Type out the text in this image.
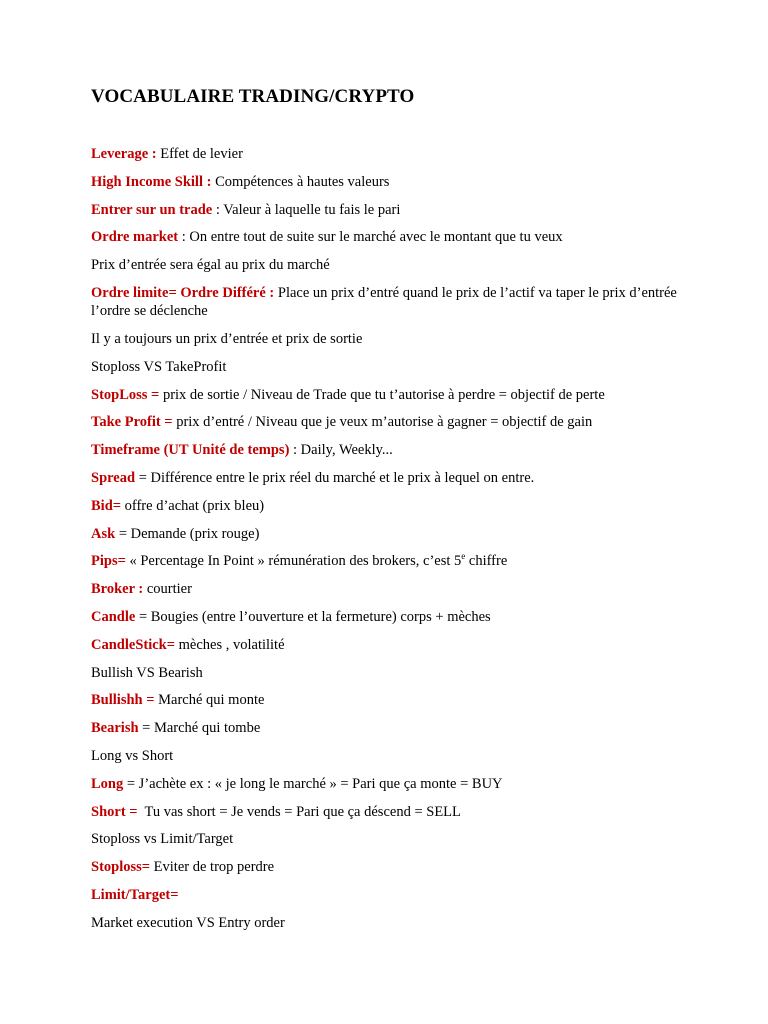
VOCABULAIRE TRADING/CRYPTO
Leverage : Effet de levier
High Income Skill : Compétences à hautes valeurs
Entrer sur un trade : Valeur à laquelle tu fais le pari
Ordre market : On entre tout de suite sur le marché avec le montant que tu veux
Prix d’entrée sera égal au prix du marché
Ordre limite= Ordre Différé : Place un prix d’entré quand le prix de l’actif va taper le prix d’entrée l’ordre se déclenche
Il y a toujours un prix d’entrée et prix de sortie
Stoploss VS TakeProfit
StopLoss = prix de sortie / Niveau de Trade que tu t’autorise à perdre = objectif de perte
Take Profit = prix d’entré / Niveau que je veux m’autorise à gagner = objectif de gain
Timeframe (UT Unité de temps) : Daily, Weekly...
Spread = Différence entre le prix réel du marché et le prix à lequel on entre.
Bid= offre d’achat (prix bleu)
Ask = Demande (prix rouge)
Pips= « Percentage In Point » rémunération des brokers, c’est 5e chiffre
Broker : courtier
Candle = Bougies (entre l’ouverture et la fermeture) corps + mèches
CandleStick= mèches , volatilité
Bullish VS Bearish
Bullishh = Marché qui monte
Bearish = Marché qui tombe
Long vs Short
Long = J’achète ex : « je long le marché » = Pari que ça monte = BUY
Short =  Tu vas short = Je vends = Pari que ça déscend = SELL
Stoploss vs Limit/Target
Stoploss= Eviter de trop perdre
Limit/Target=
Market execution VS Entry order
